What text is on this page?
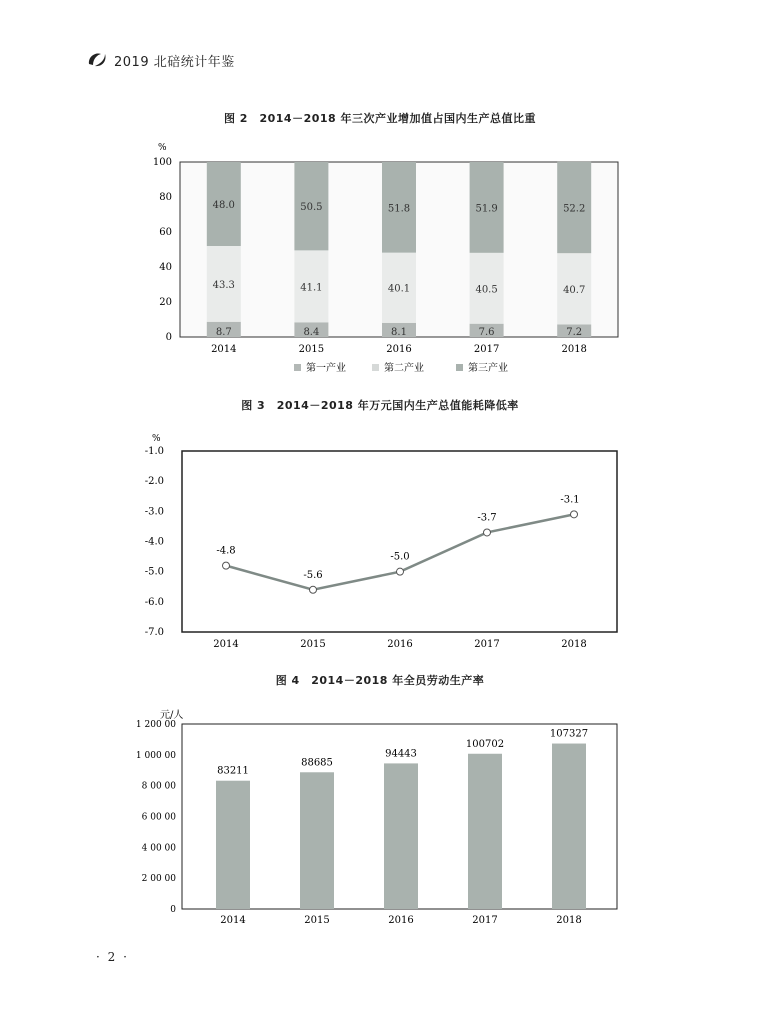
2019 北碚统计年鉴
图 2　2014－2018 年三次产业增加值占国内生产总值比重
%
100
80
60
40
20
0	8.7
43.3
48.0
2014
8.4
41.1
50.5
2015
8.1
40.1
51.8
2016
7.6
40.5
51.9
2017
7.2
40.7
52.2
2018
第一产业	第二产业	第三产业
图 3　2014－2018 年万元国内生产总值能耗降低率
%
-1.0
-2.0
-3.0
-4.0
-5.0
-6.0
-7.0
-4.8
2014
-5.6
2015
-5.0
2016
-3.7
2017
-3.1
2018
图 4　2014－2018 年全员劳动生产率
元/人
1 200 00
1 000 00
8 00 00
6 00 00
4 00 00
2 00 00
0
83211
2014
88685
2015
94443
2016
100702
2017
107327
2018
· 2 ·
